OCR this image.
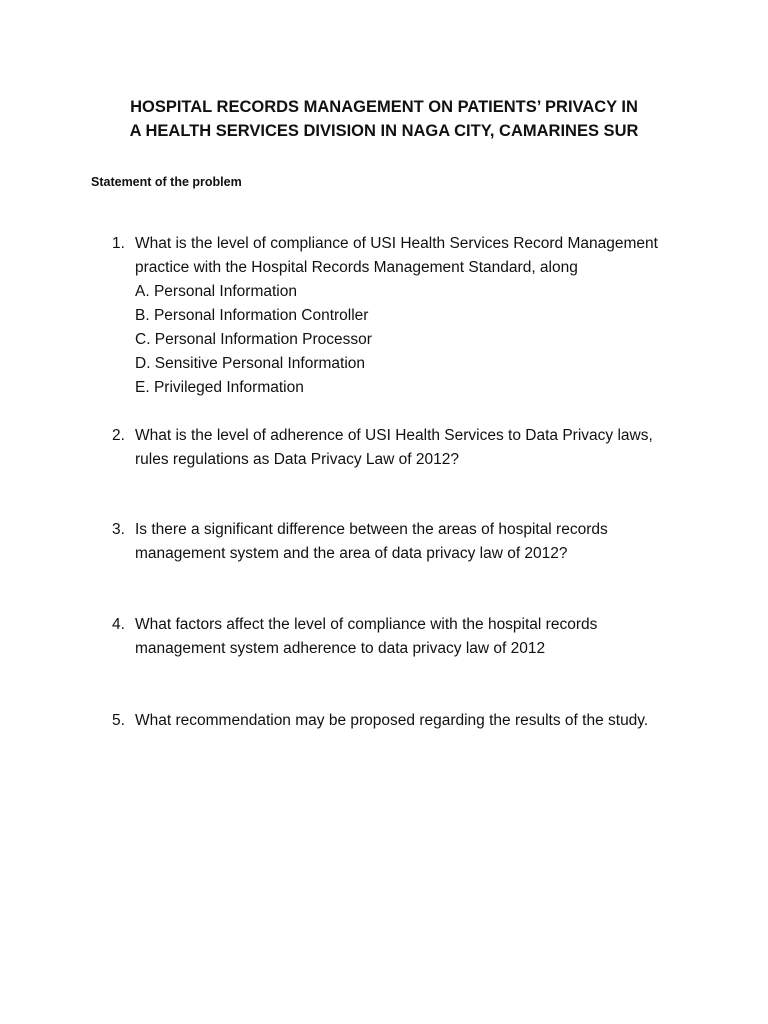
HOSPITAL RECORDS MANAGEMENT ON PATIENTS’ PRIVACY IN
A HEALTH SERVICES DIVISION IN NAGA CITY, CAMARINES SUR
Statement of the problem
1. What is the level of compliance of USI Health Services Record Management
practice with the Hospital Records Management Standard, along
A. Personal Information
B. Personal Information Controller
C. Personal Information Processor
D. Sensitive Personal Information
E. Privileged Information
2. What is the level of adherence of USI Health Services to Data Privacy laws,
rules regulations as Data Privacy Law of 2012?
3. Is there a significant difference between the areas of hospital records
management system and the area of data privacy law of 2012?
4. What factors affect the level of compliance with the hospital records
management system adherence to data privacy law of 2012
5. What recommendation may be proposed regarding the results of the study.
